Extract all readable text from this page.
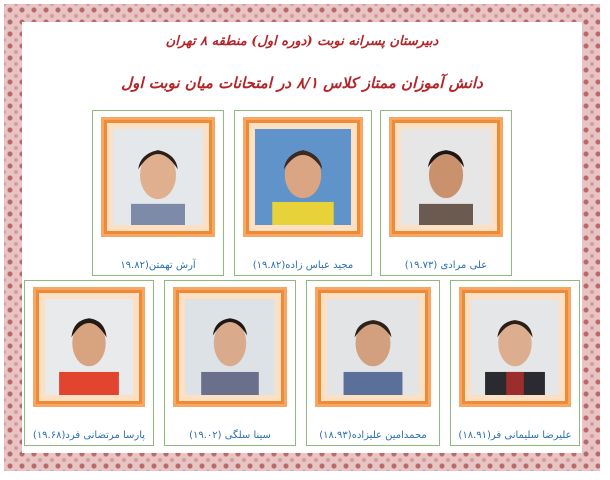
دبیرستان پسرانه نوبت (دوره اول) منطقه ۸ تهران
دانش آموزان ممتاز کلاس ۸/۱ در امتحانات میان نوبت اول
آرش تهمتن(۱۹.۸۲	مجید عباس زاده(۱۹.۸۲)	علی مرادی (۱۹.۷۳)
پارسا مرتضانی فرد(۱۹.۶۸)	سینا سلگی (۱۹.۰۲)	محمدامین علیزاده(۱۸.۹۳)	علیرضا سلیمانی فر(۱۸.۹۱)
